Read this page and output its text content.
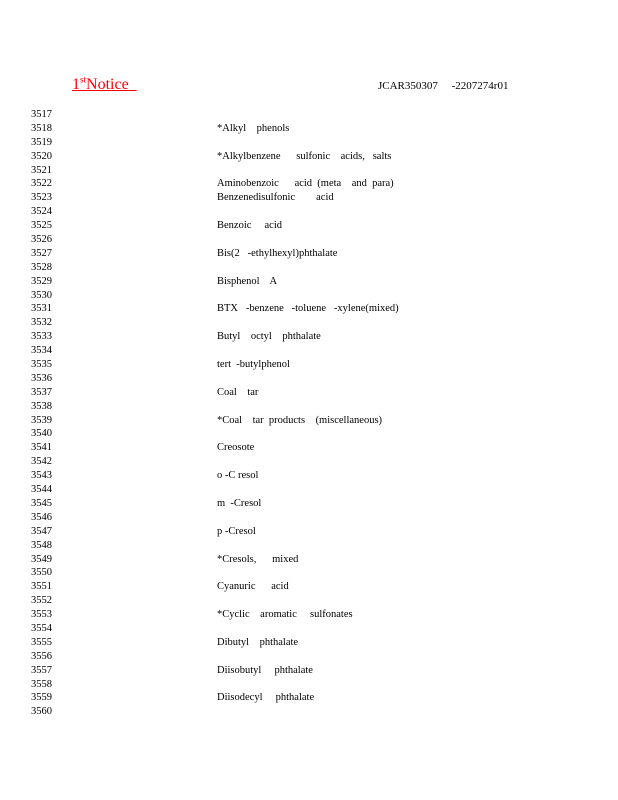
1stNotice	JCAR350307     -2207274r01
3517
3518	*Alkyl    phenols
3519
3520	*Alkylbenzene      sulfonic    acids,   salts
3521
3522	Aminobenzoic      acid  (meta    and  para)
3523	Benzenedisulfonic        acid
3524
3525	Benzoic     acid
3526
3527	Bis(2   -ethylhexyl)phthalate
3528
3529	Bisphenol    A
3530
3531	BTX   -benzene   -toluene   -xylene(mixed)
3532
3533	Butyl    octyl    phthalate
3534
3535	tert  -butylphenol
3536
3537	Coal    tar
3538
3539	*Coal    tar  products    (miscellaneous)
3540
3541	Creosote
3542
3543	o -C resol
3544
3545	m  -Cresol
3546
3547	p -Cresol
3548
3549	*Cresols,      mixed
3550
3551	Cyanuric      acid
3552
3553	*Cyclic    aromatic     sulfonates
3554
3555	Dibutyl    phthalate
3556
3557	Diisobutyl     phthalate
3558
3559	Diisodecyl     phthalate
3560
